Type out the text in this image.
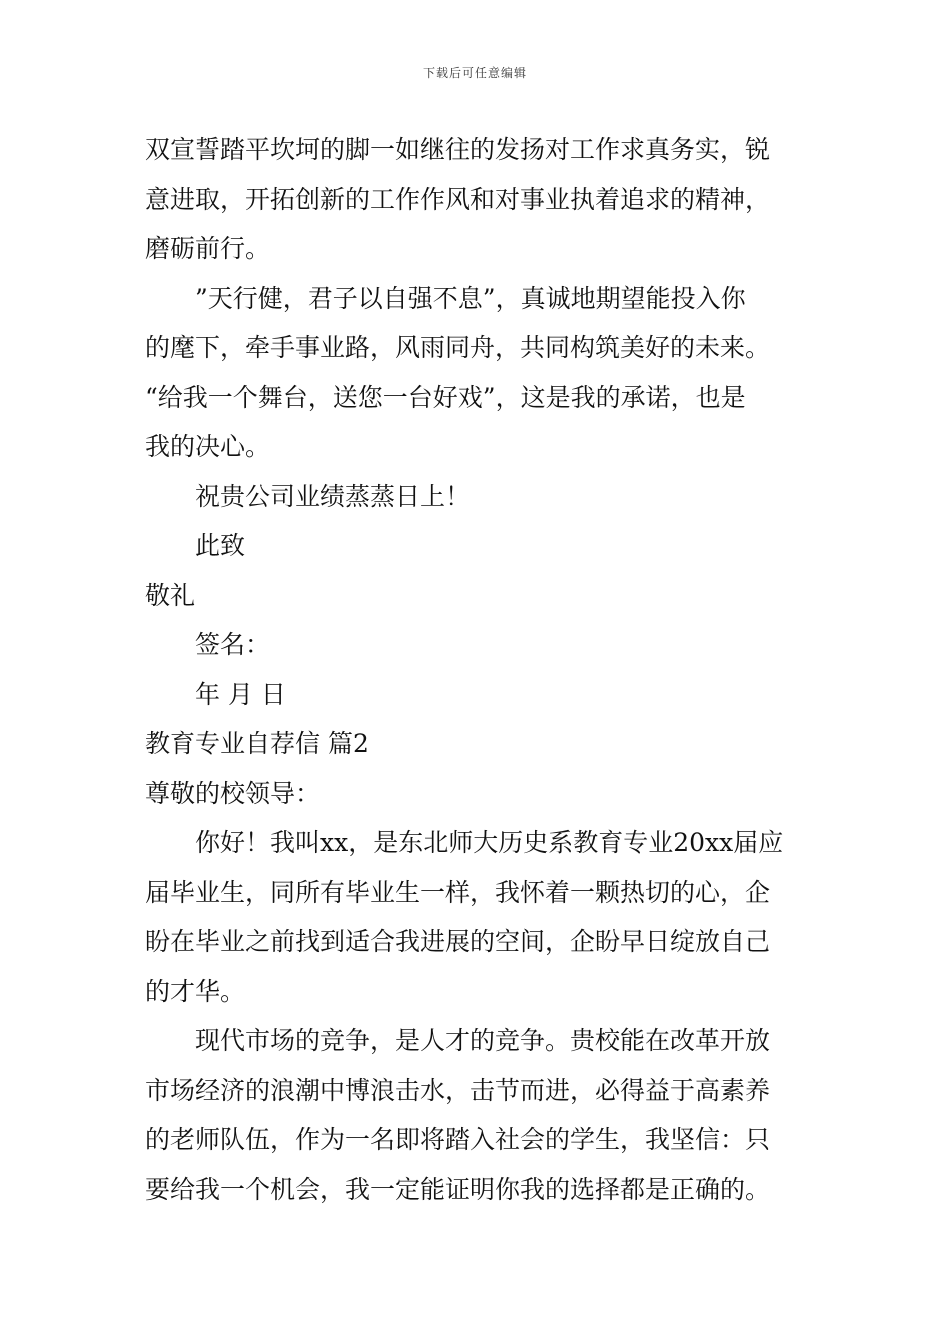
下载后可任意编辑
双宣誓踏平坎坷的脚一如继往的发扬对工作求真务实，锐
意进取，开拓创新的工作作风和对事业执着追求的精神，
磨砺前行。
”天行健，君子以自强不息”，真诚地期望能投入你
的麾下，牵手事业路，风雨同舟，共同构筑美好的未来。
“给我一个舞台，送您一台好戏”，这是我的承诺，也是
我的决心。
祝贵公司业绩蒸蒸日上！
此致
敬礼
签名：
年 月 日
教育专业自荐信 篇2
尊敬的校领导：
你好！我叫xx，是东北师大历史系教育专业20xx届应
届毕业生，同所有毕业生一样，我怀着一颗热切的心，企
盼在毕业之前找到适合我进展的空间，企盼早日绽放自己
的才华。
现代市场的竞争，是人才的竞争。贵校能在改革开放
市场经济的浪潮中博浪击水，击节而进，必得益于高素养
的老师队伍，作为一名即将踏入社会的学生，我坚信：只
要给我一个机会，我一定能证明你我的选择都是正确的。
